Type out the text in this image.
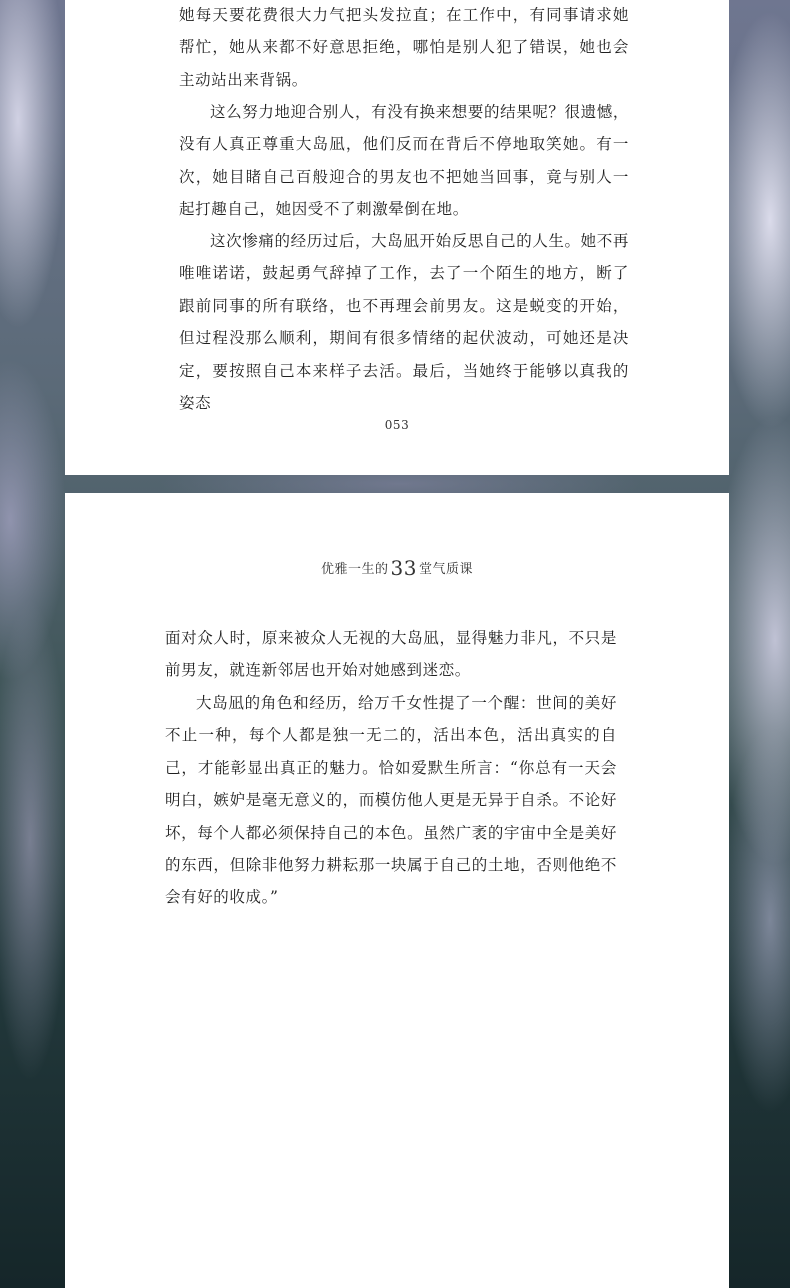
她每天要花费很大力气把头发拉直；在工作中，有同事请求她帮忙，她从来都不好意思拒绝，哪怕是别人犯了错误，她也会主动站出来背锅。

这么努力地迎合别人，有没有换来想要的结果呢？很遗憾，没有人真正尊重大岛凪，他们反而在背后不停地取笑她。有一次，她目睹自己百般迎合的男友也不把她当回事，竟与别人一起打趣自己，她因受不了刺激晕倒在地。

这次惨痛的经历过后，大岛凪开始反思自己的人生。她不再唯唯诺诺，鼓起勇气辞掉了工作，去了一个陌生的地方，断了跟前同事的所有联络，也不再理会前男友。这是蜕变的开始，但过程没那么顺利，期间有很多情绪的起伏波动，可她还是决定，要按照自己本来样子去活。最后，当她终于能够以真我的姿态

053
优雅一生的 33 堂气质课

面对众人时，原来被众人无视的大岛凪，显得魅力非凡，不只是前男友，就连新邻居也开始对她感到迷恋。

大岛凪的角色和经历，给万千女性提了一个醒：世间的美好不止一种，每个人都是独一无二的，活出本色，活出真实的自己，才能彰显出真正的魅力。恰如爱默生所言：“你总有一天会明白，嫉妒是毫无意义的，而模仿他人更是无异于自杀。不论好坏，每个人都必须保持自己的本色。虽然广袤的宇宙中全是美好的东西，但除非他努力耕耘那一块属于自己的土地，否则他绝不会有好的收成。”
